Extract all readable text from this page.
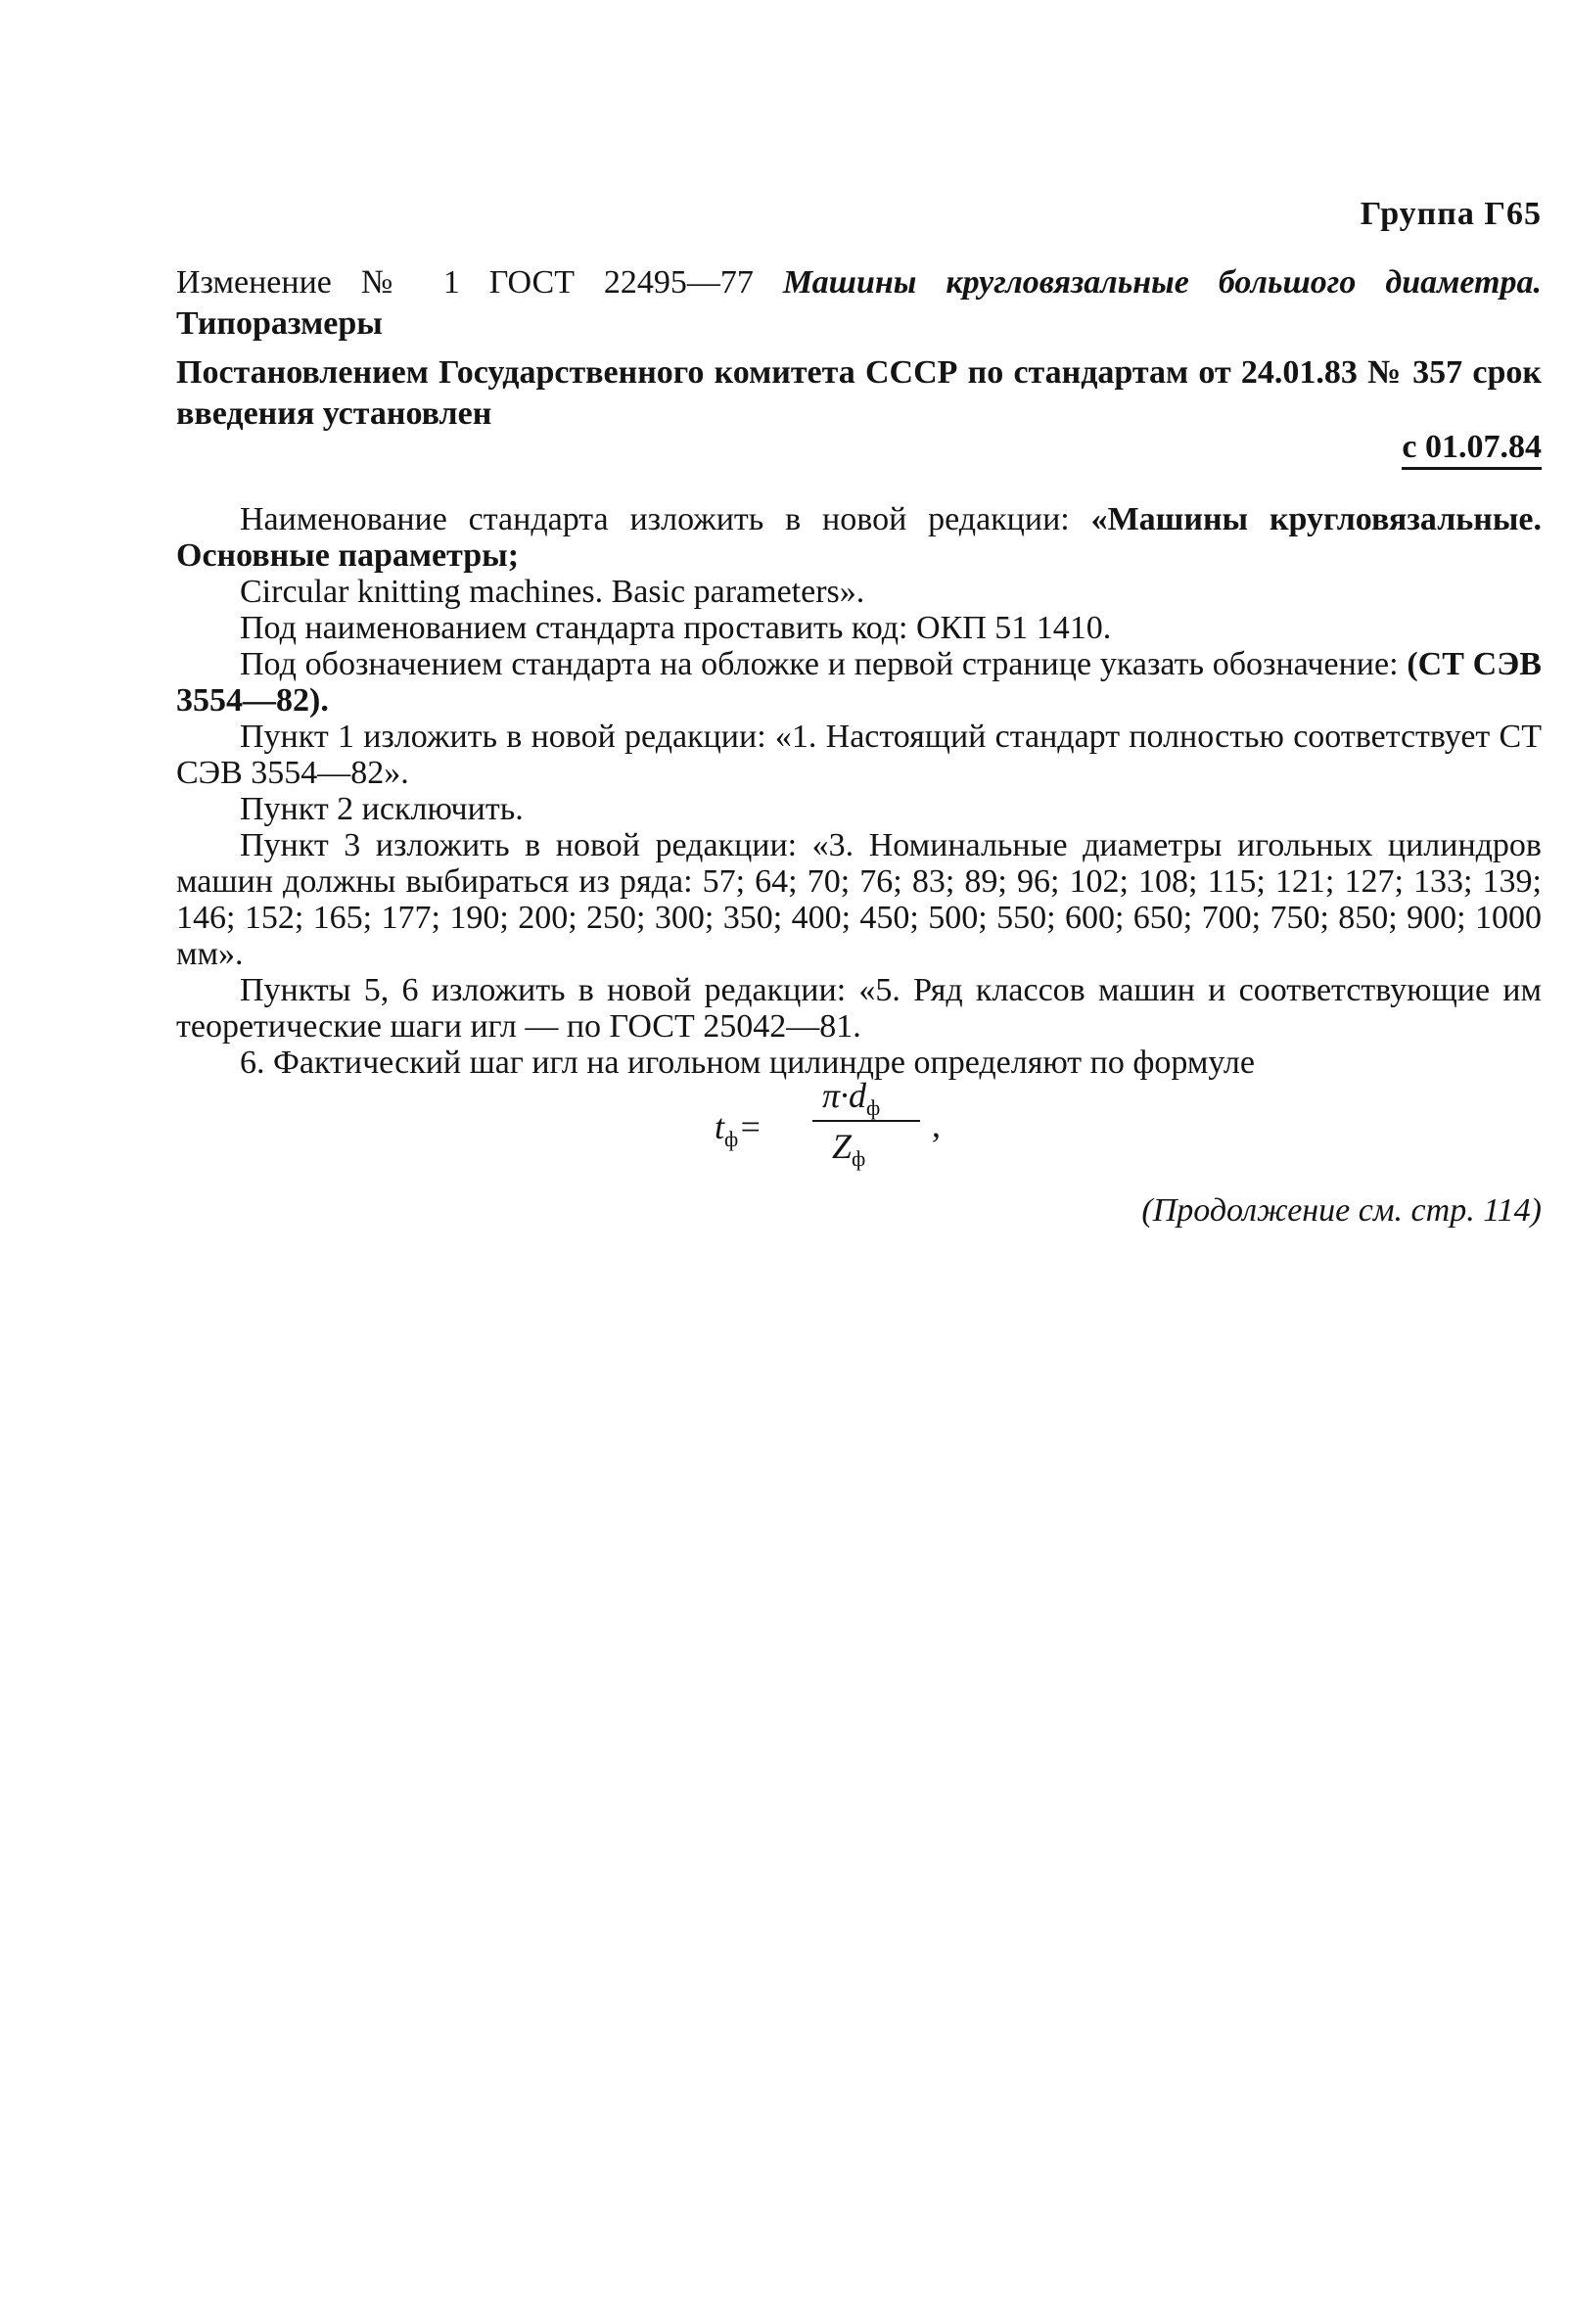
Группа Г65
Изменение № 1 ГОСТ 22495—77 Машины кругловязальные большого диаметра. Типоразмеры
Постановлением Государственного комитета СССР по стандартам от 24.01.83 № 357 срок введения установлен
с 01.07.84

Наименование стандарта изложить в новой редакции: «Машины кругловязальные. Основные параметры;

Circular knitting machines. Basic parameters».

Под наименованием стандарта проставить код: ОКП 51 1410.

Под обозначением стандарта на обложке и первой странице указать обозначение: (СТ СЭВ 3554—82).

Пункт 1 изложить в новой редакции: «1. Настоящий стандарт полностью соответствует СТ СЭВ 3554—82».

Пункт 2 исключить.

Пункт 3 изложить в новой редакции: «3. Номинальные диаметры игольных цилиндров машин должны выбираться из ряда: 57; 64; 70; 76; 83; 89; 96; 102; 108; 115; 121; 127; 133; 139; 146; 152; 165; 177; 190; 200; 250; 300; 350; 400; 450; 500; 550; 600; 650; 700; 750; 850; 900; 1000 мм».

Пункты 5, 6 изложить в новой редакции: «5. Ряд классов машин и соответствующие им теоретические шаги игл — по ГОСТ 25042—81.

6. Фактический шаг игл на игольном цилиндре определяют по формуле

$t_ф=$
$\pi\cdot d_ф$
$Z_ф$
,
(Продолжение см. стр. 114)
